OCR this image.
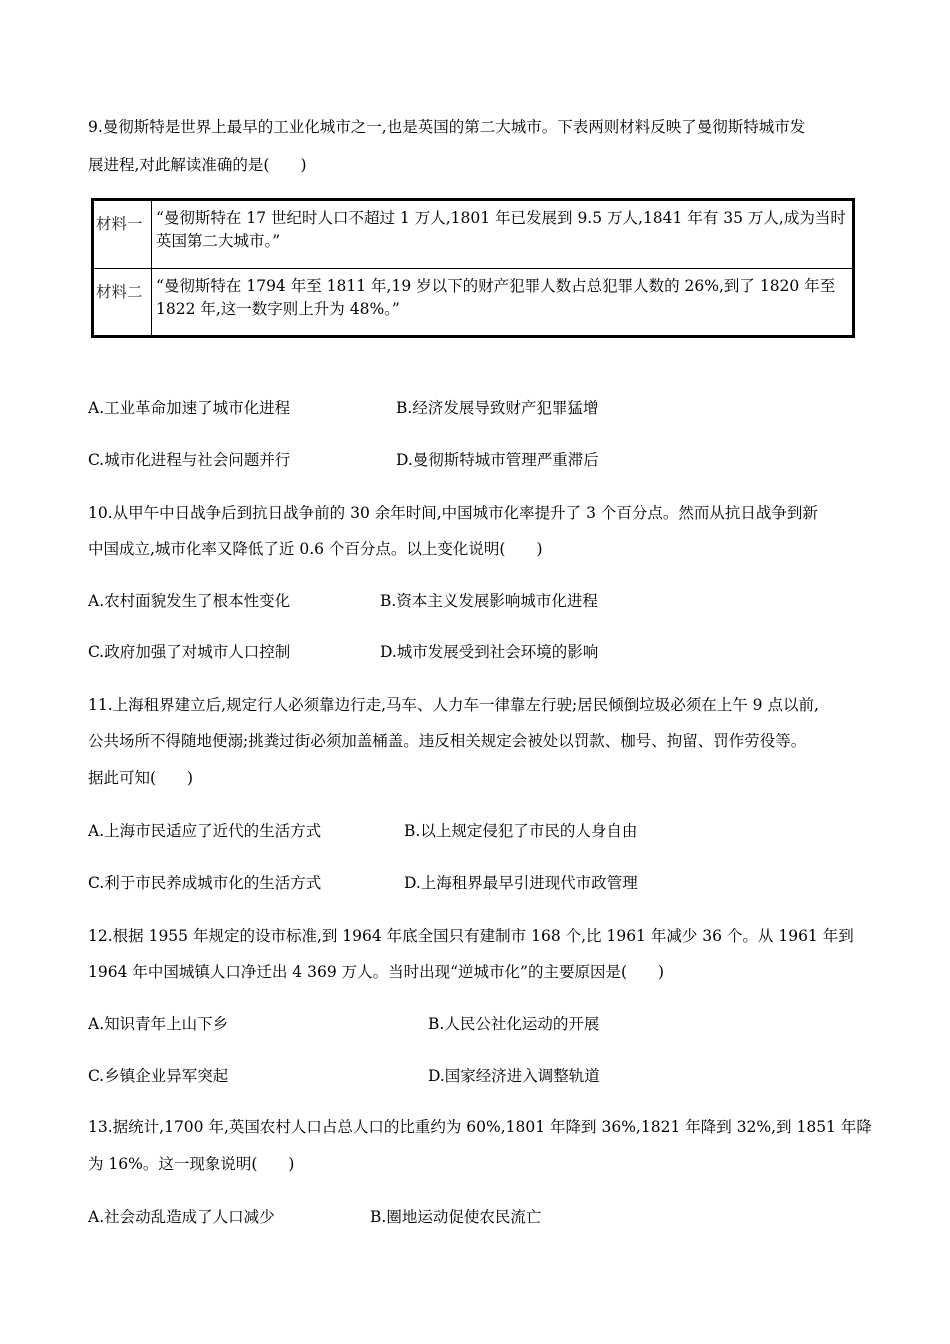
9.曼彻斯特是世界上最早的工业化城市之一,也是英国的第二大城市。下表两则材料反映了曼彻斯特城市发
展进程,对此解读准确的是(　　)
材料一	“曼彻斯特在 17 世纪时人口不超过 1 万人,1801 年已发展到 9.5 万人,1841 年有 35 万人,成为当时英国第二大城市。”
材料二	“曼彻斯特在 1794 年至 1811 年,19 岁以下的财产犯罪人数占总犯罪人数的 26%,到了 1820 年至 1822 年,这一数字则上升为 48%。”
A.工业革命加速了城市化进程	B.经济发展导致财产犯罪猛增
C.城市化进程与社会问题并行	D.曼彻斯特城市管理严重滞后
10.从甲午中日战争后到抗日战争前的 30 余年时间,中国城市化率提升了 3 个百分点。然而从抗日战争到新
中国成立,城市化率又降低了近 0.6 个百分点。以上变化说明(　　)
A.农村面貌发生了根本性变化	B.资本主义发展影响城市化进程
C.政府加强了对城市人口控制	D.城市发展受到社会环境的影响
11.上海租界建立后,规定行人必须靠边行走,马车、人力车一律靠左行驶;居民倾倒垃圾必须在上午 9 点以前,
公共场所不得随地便溺;挑粪过街必须加盖桶盖。违反相关规定会被处以罚款、枷号、拘留、罚作劳役等。
据此可知(　　)
A.上海市民适应了近代的生活方式	B.以上规定侵犯了市民的人身自由
C.利于市民养成城市化的生活方式	D.上海租界最早引进现代市政管理
12.根据 1955 年规定的设市标准,到 1964 年底全国只有建制市 168 个,比 1961 年减少 36 个。从 1961 年到
1964 年中国城镇人口净迁出 4 369 万人。当时出现“逆城市化”的主要原因是(　　)
A.知识青年上山下乡	B.人民公社化运动的开展
C.乡镇企业异军突起	D.国家经济进入调整轨道
13.据统计,1700 年,英国农村人口占总人口的比重约为 60%,1801 年降到 36%,1821 年降到 32%,到 1851 年降
为 16%。这一现象说明(　　)
A.社会动乱造成了人口减少	B.圈地运动促使农民流亡
